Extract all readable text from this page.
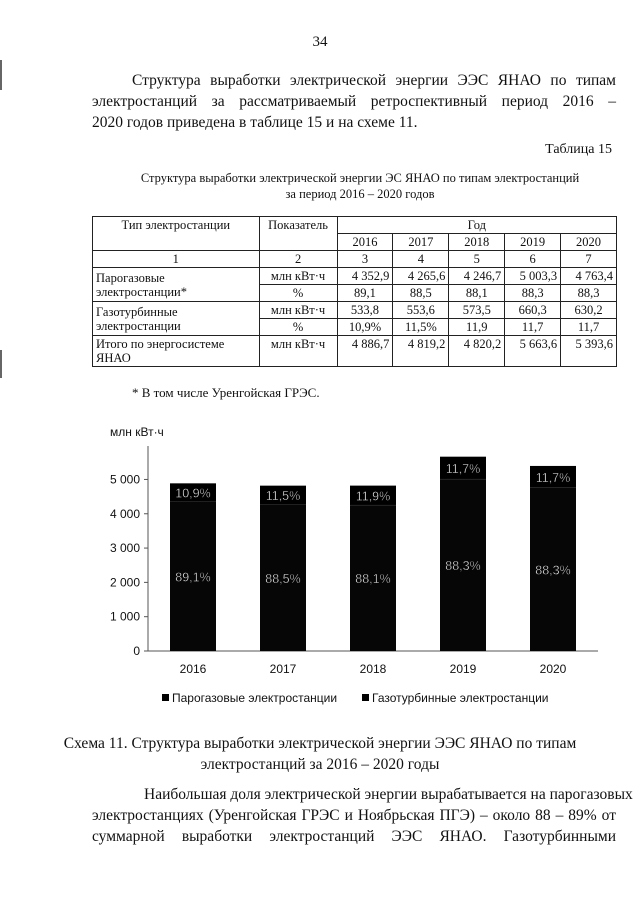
34
Структура выработки электрической энергии ЭЭС ЯНАО по типам
электростанций за рассматриваемый ретроспективный период 2016 –
2020 годов приведена в таблице 15 и на схеме 11.
Таблица 15
Структура выработки электрической энергии ЭС ЯНАО по типам электростанций
за период 2016 – 2020 годов
Тип электростанции	Показатель	Год				
		2016	2017	2018	2019	2020
1	2	3	4	5	6	7
Парогазовые
электростанции*	млн кВт·ч	4 352,9	4 265,6	4 246,7	5 003,3	4 763,4
	%	89,1	88,5	88,1	88,3	88,3
Газотурбинные
электростанции	млн кВт·ч	533,8	553,6	573,5	660,3	630,2
	%	10,9%	11,5%	11,9	11,7	11,7
Итого по энергосистеме
ЯНАО	млн кВт·ч	4 886,7	4 819,2	4 820,2	5 663,6	5 393,6
* В том числе Уренгойская ГРЭС.
млн кВт·ч
0
1 000
2 000
3 000
4 000
5 000
89,1%
10,9%
2016
88,5%
11,5%
2017
88,1%
11,9%
2018
88,3%
11,7%
2019
88,3%
11,7%
2020
Парогазовые электростанции	Газотурбинные электростанции
Схема 11. Структура выработки электрической энергии ЭЭС ЯНАО по типам
электростанций за 2016 – 2020 годы
Наибольшая доля электрической энергии вырабатывается на парогазовых
электростанциях (Уренгойская ГРЭС и Ноябрьская ПГЭ) – около 88 – 89% от
суммарной выработки электростанций ЭЭС ЯНАО. Газотурбинными
